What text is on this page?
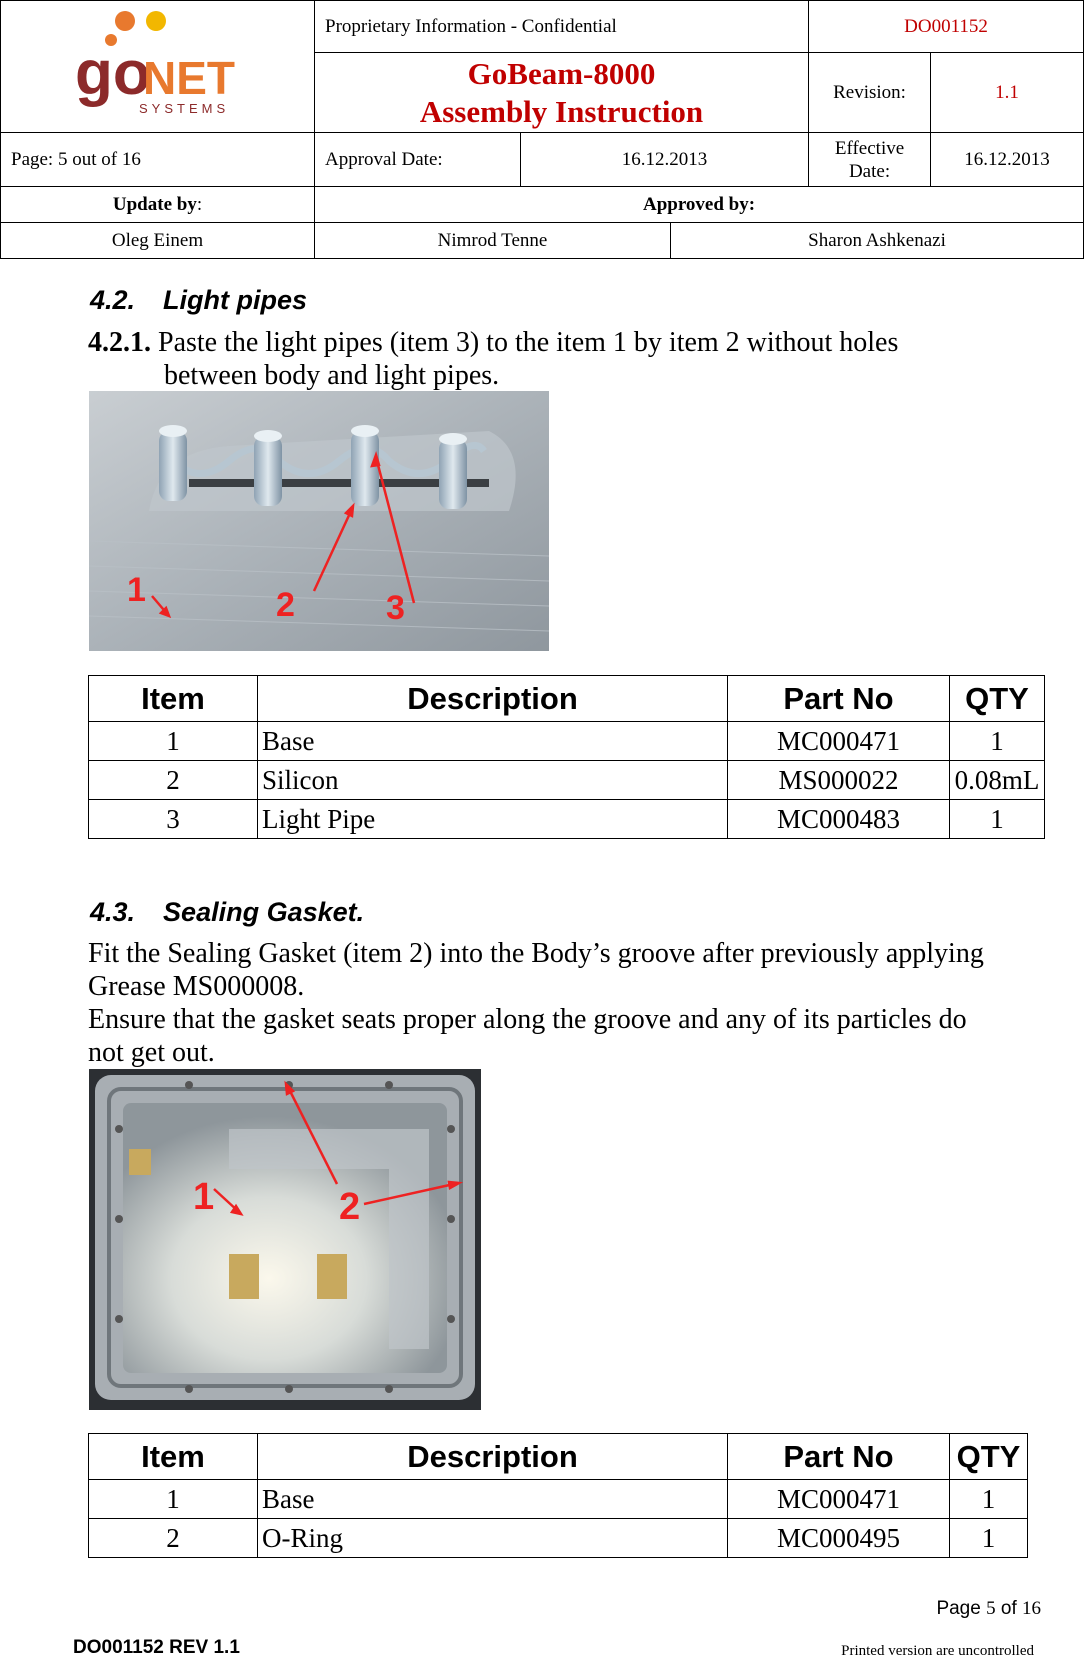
go
NET
SYSTEMS	Proprietary Information - Confidential			DO001152	

	GoBeam-8000
Assembly Instruction			Revision:	1.1
Page: 5 out of 16	Approval Date:	16.12.2013		Effective
Date:	16.12.2013
Update by:	Approved by:				
Oleg Einem	Nimrod Tenne		Sharon Ashkenazi		
4.2. Light pipes
4.2.1. Paste the light pipes (item 3) to the item 1 by item 2 without holes
between body and light pipes.
1	2	3
Item	Description	Part No	QTY
1	Base	MC000471	1
2	Silicon	MS000022	0.08mL
3	Light Pipe	MC000483	1
4.3. Sealing Gasket.
Fit the Sealing Gasket (item 2) into the Body’s groove after previously applying
Grease MS000008.
Ensure that the gasket seats proper along the groove and any of its particles do
not get out.
1	2
Item	Description	Part No	QTY
1	Base	MC000471	1
2	O-Ring	MC000495	1
Page 5 of 16
DO001152 REV 1.1	Printed version are uncontrolled
